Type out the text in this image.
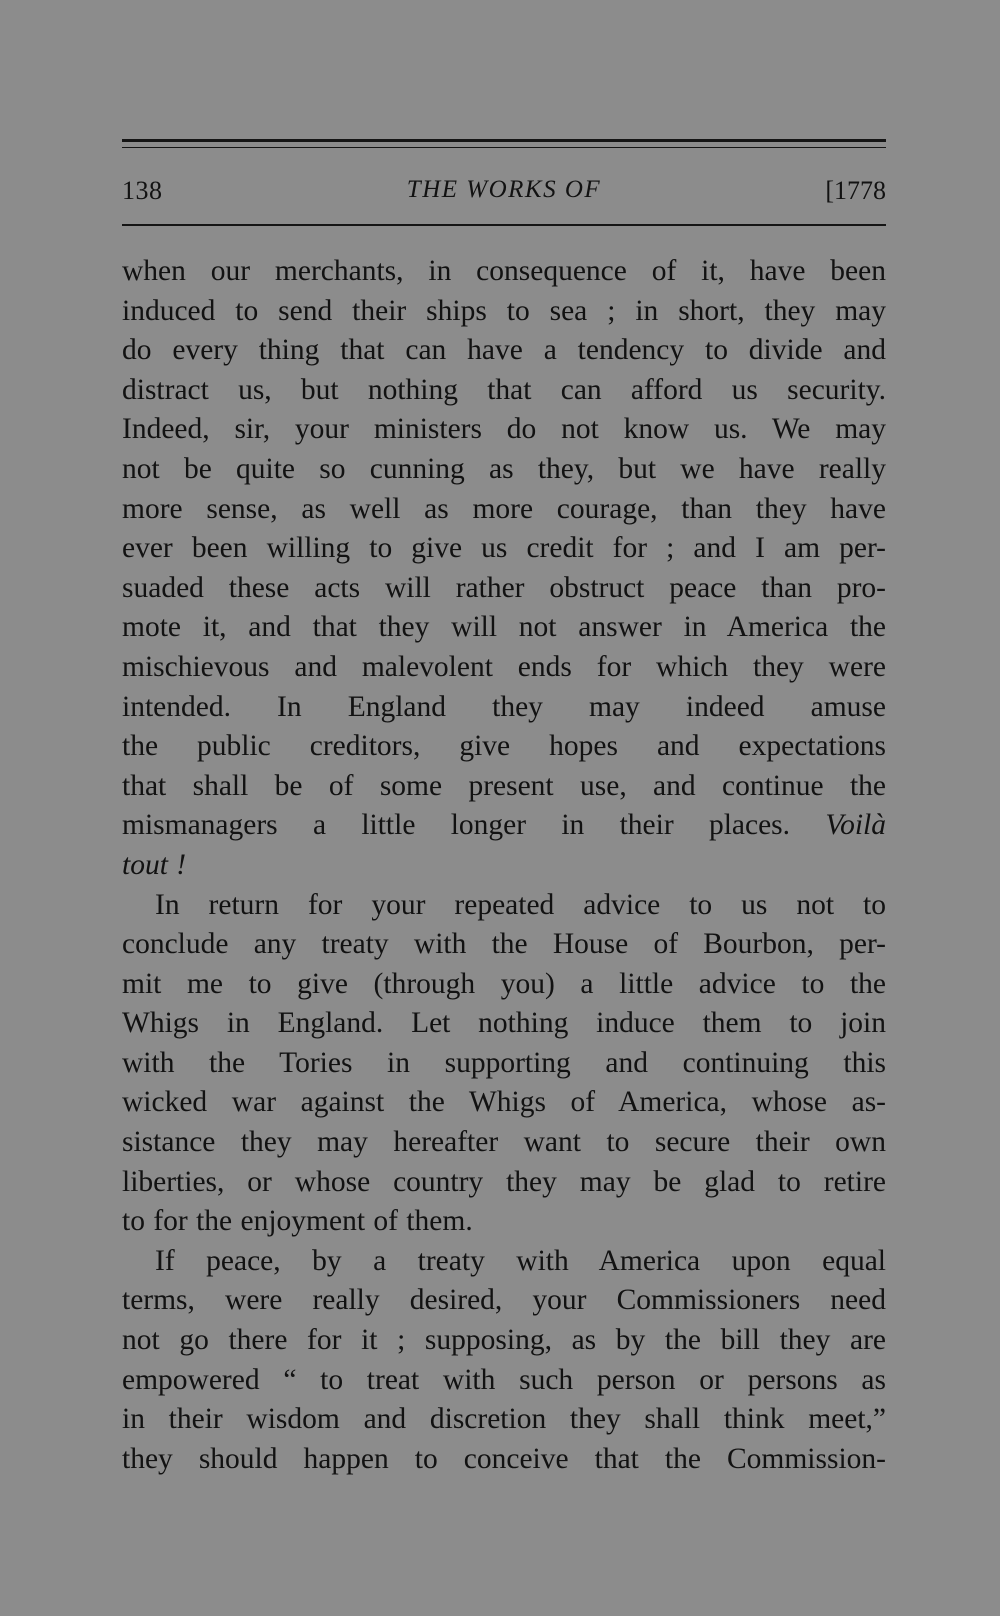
138	THE WORKS OF	[1778
when our merchants, in consequence of it, have been
induced to send their ships to sea ; in short, they may
do every thing that can have a tendency to divide and
distract us, but nothing that can afford us security.
Indeed, sir, your ministers do not know us. We may
not be quite so cunning as they, but we have really
more sense, as well as more courage, than they have
ever been willing to give us credit for ; and I am per-
suaded these acts will rather obstruct peace than pro-
mote it, and that they will not answer in America the
mischievous and malevolent ends for which they were
intended. In England they may indeed amuse
the public creditors, give hopes and expectations
that shall be of some present use, and continue the
mismanagers a little longer in their places. Voilà
tout !
In return for your repeated advice to us not to
conclude any treaty with the House of Bourbon, per-
mit me to give (through you) a little advice to the
Whigs in England. Let nothing induce them to join
with the Tories in supporting and continuing this
wicked war against the Whigs of America, whose as-
sistance they may hereafter want to secure their own
liberties, or whose country they may be glad to retire
to for the enjoyment of them.
If peace, by a treaty with America upon equal
terms, were really desired, your Commissioners need
not go there for it ; supposing, as by the bill they are
empowered “ to treat with such person or persons as
in their wisdom and discretion they shall think meet,”
they should happen to conceive that the Commission-
